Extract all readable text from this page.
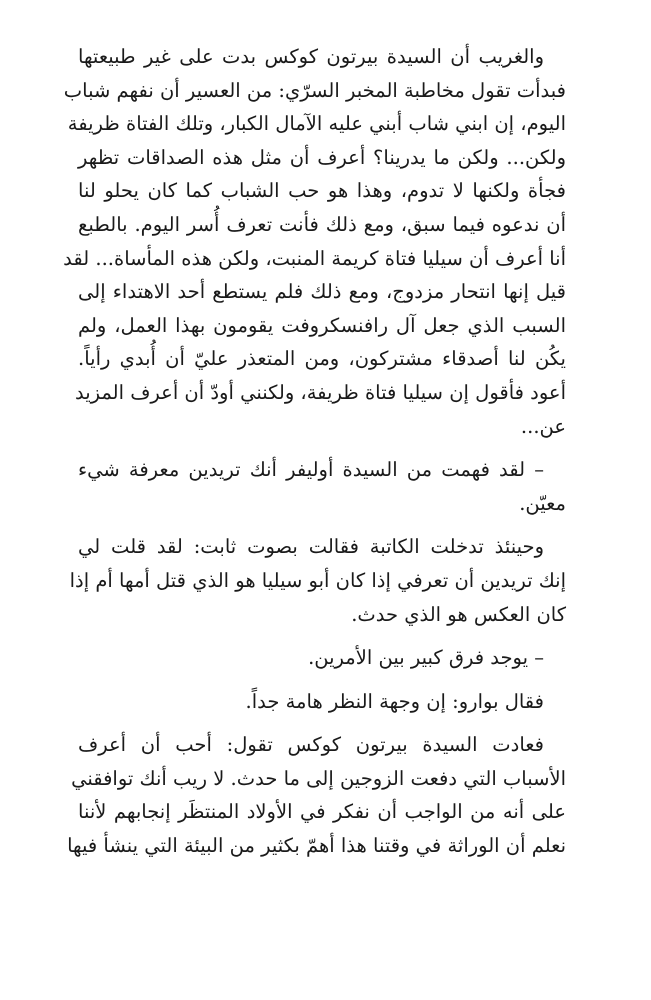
والغريب أن السيدة بيرتون كوكس بدت على غير طبيعتها
فبدأت تقول مخاطبة المخبر السرّي: من العسير أن نفهم شباب
اليوم، إن ابني شاب أبني عليه الآمال الكبار، وتلك الفتاة ظريفة
ولكن... ولكن ما يدرينا؟ أعرف أن مثل هذه الصداقات تظهر
فجأة ولكنها لا تدوم، وهذا هو حب الشباب كما كان يحلو لنا
أن ندعوه فيما سبق، ومع ذلك فأنت تعرف أُسر اليوم. بالطبع
أنا أعرف أن سيليا فتاة كريمة المنبت، ولكن هذه المأساة... لقد
قيل إنها انتحار مزدوج، ومع ذلك فلم يستطع أحد الاهتداء إلى
السبب الذي جعل آل رافنسكروفت يقومون بهذا العمل، ولم
يكُن لنا أصدقاء مشتركون، ومن المتعذر عليّ أن أُبدي رأياً.
أعود فأقول إن سيليا فتاة ظريفة، ولكنني أودّ أن أعرف المزيد
عن...

– لقد فهمت من السيدة أوليفر أنك تريدين معرفة شيء
معيّن.

وحينئذ تدخلت الكاتبة فقالت بصوت ثابت: لقد قلت لي
إنك تريدين أن تعرفي إذا كان أبو سيليا هو الذي قتل أمها أم إذا
كان العكس هو الذي حدث.

– يوجد فرق كبير بين الأمرين.

فقال بوارو: إن وجهة النظر هامة جداً.

فعادت السيدة بيرتون كوكس تقول: أحب أن أعرف
الأسباب التي دفعت الزوجين إلى ما حدث. لا ريب أنك توافقني
على أنه من الواجب أن نفكر في الأولاد المنتظَر إنجابهم لأننا
نعلم أن الوراثة في وقتنا هذا أهمّ بكثير من البيئة التي ينشأ فيها
